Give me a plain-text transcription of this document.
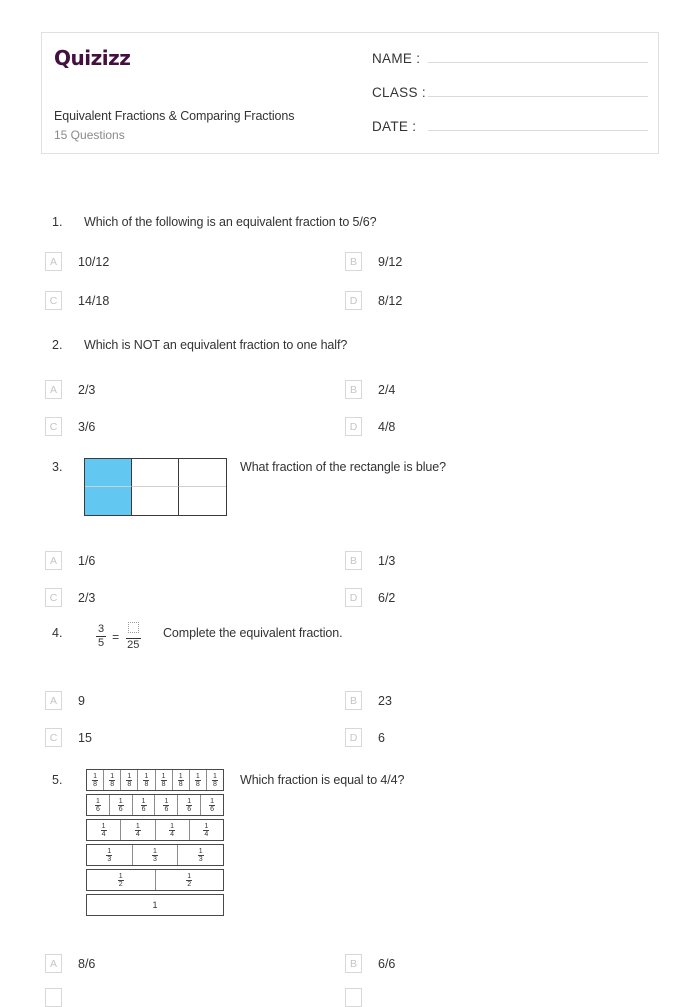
Quizizz
Equivalent Fractions & Comparing Fractions
15 Questions
NAME :
CLASS :
DATE :
1. Which of the following is an equivalent fraction to 5/6?
A	10/12	B	9/12
C	14/18	D	8/12
2. Which is NOT an equivalent fraction to one half?
A	2/3	B	2/4
C	3/6	D	4/8
3.	What fraction of the rectangle is blue?
A	1/6	B	1/3
C	2/3	D	6/2
4.	Complete the equivalent fraction.
$\frac{3}{5}$ =
25
A	9	B	23
C	15	D	6
5.	Which fraction is equal to 4/4?
$\frac{1}{8} \frac{1}{8} \frac{1}{8} \frac{1}{8} \frac{1}{8} \frac{1}{8} \frac{1}{8} \frac{1}{8}$
$\frac{1}{6} \frac{1}{6} \frac{1}{6} \frac{1}{6} \frac{1}{6} \frac{1}{6}$
$\frac{1}{4}$	$\frac{1}{4}$	$\frac{1}{4}$	$\frac{1}{4}$
$\frac{1}{3}$	$\frac{1}{3}$	$\frac{1}{3}$
$\frac{1}{2}$	$\frac{1}{2}$
1
A	8/6	B	6/6
